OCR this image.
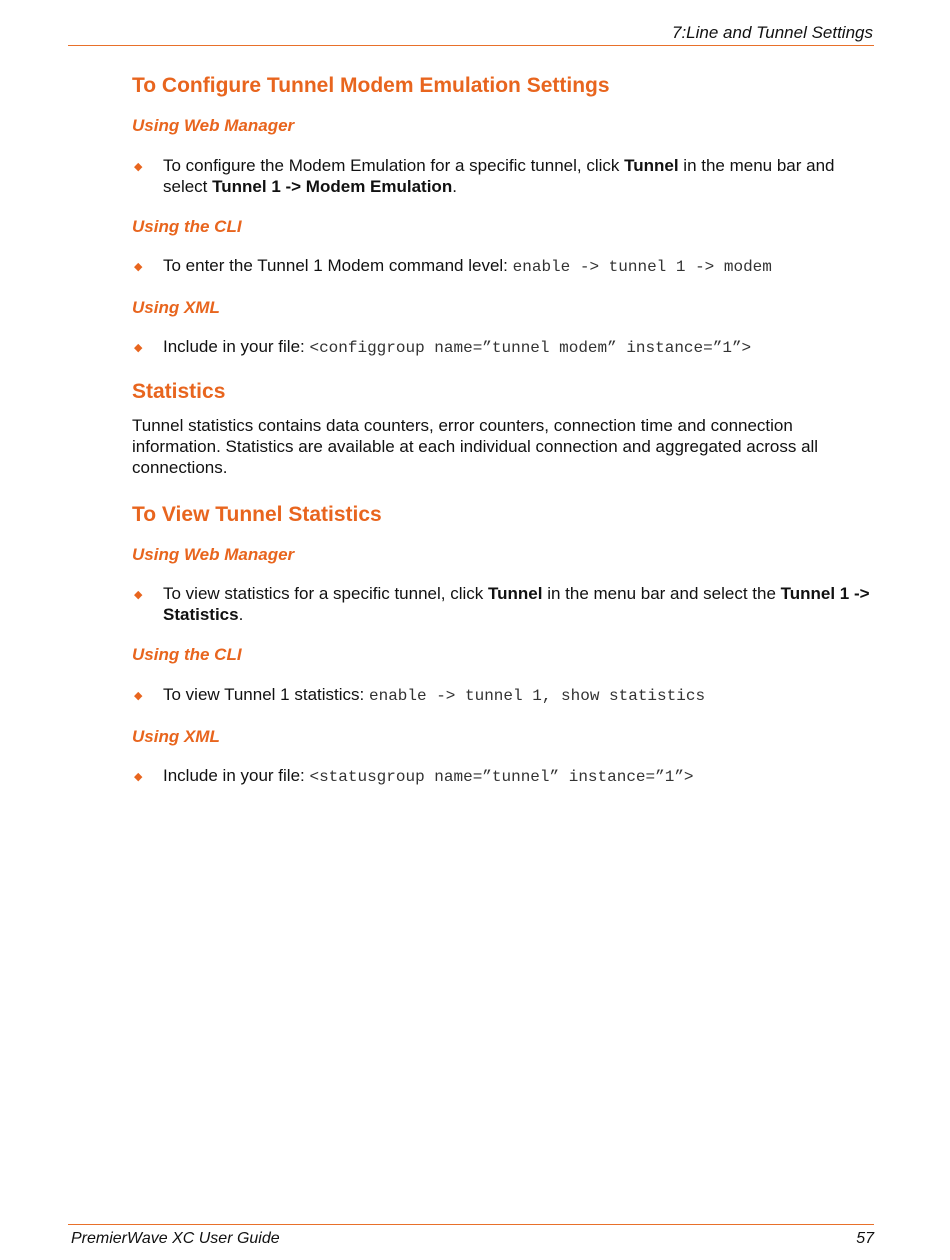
7:Line and Tunnel Settings
To Configure Tunnel Modem Emulation Settings
Using Web Manager
◆ To configure the Modem Emulation for a specific tunnel, click Tunnel in the menu bar and select Tunnel 1 -> Modem Emulation.
Using the CLI
◆ To enter the Tunnel 1 Modem command level: enable -> tunnel 1 -> modem
Using XML
◆ Include in your file: <configgroup name=”tunnel modem” instance=”1”>
Statistics

Tunnel statistics contains data counters, error counters, connection time and connection information. Statistics are available at each individual connection and aggregated across all connections.

To View Tunnel Statistics
Using Web Manager
◆ To view statistics for a specific tunnel, click Tunnel in the menu bar and select the Tunnel 1 -> Statistics.
Using the CLI
◆ To view Tunnel 1 statistics: enable -> tunnel 1, show statistics
Using XML
◆ Include in your file: <statusgroup name=”tunnel” instance=”1”>
PremierWave XC User Guide	57
